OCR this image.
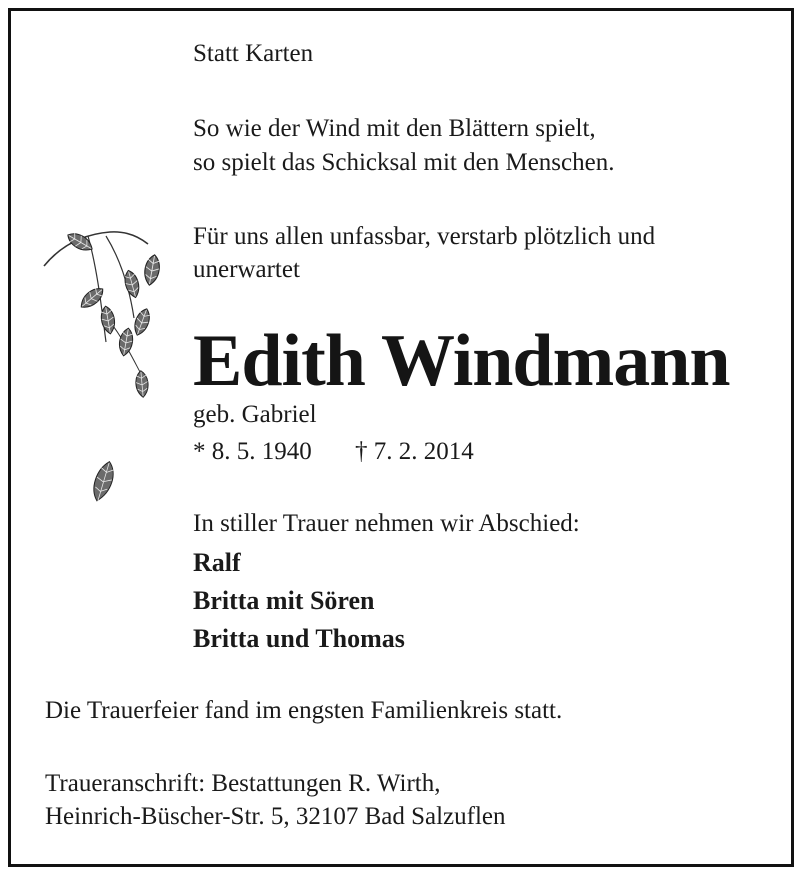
Statt Karten
So wie der Wind mit den Blättern spielt,
so spielt das Schicksal mit den Menschen.
Für uns allen unfassbar, verstarb plötzlich und
unerwartet
Edith Windmann
geb. Gabriel
* 8. 5. 1940 † 7. 2. 2014
In stiller Trauer nehmen wir Abschied:
Ralf
Britta mit Sören
Britta und Thomas
Die Trauerfeier fand im engsten Familienkreis statt.
Traueranschrift: Bestattungen R. Wirth,
Heinrich-Büscher-Str. 5, 32107 Bad Salzuflen
